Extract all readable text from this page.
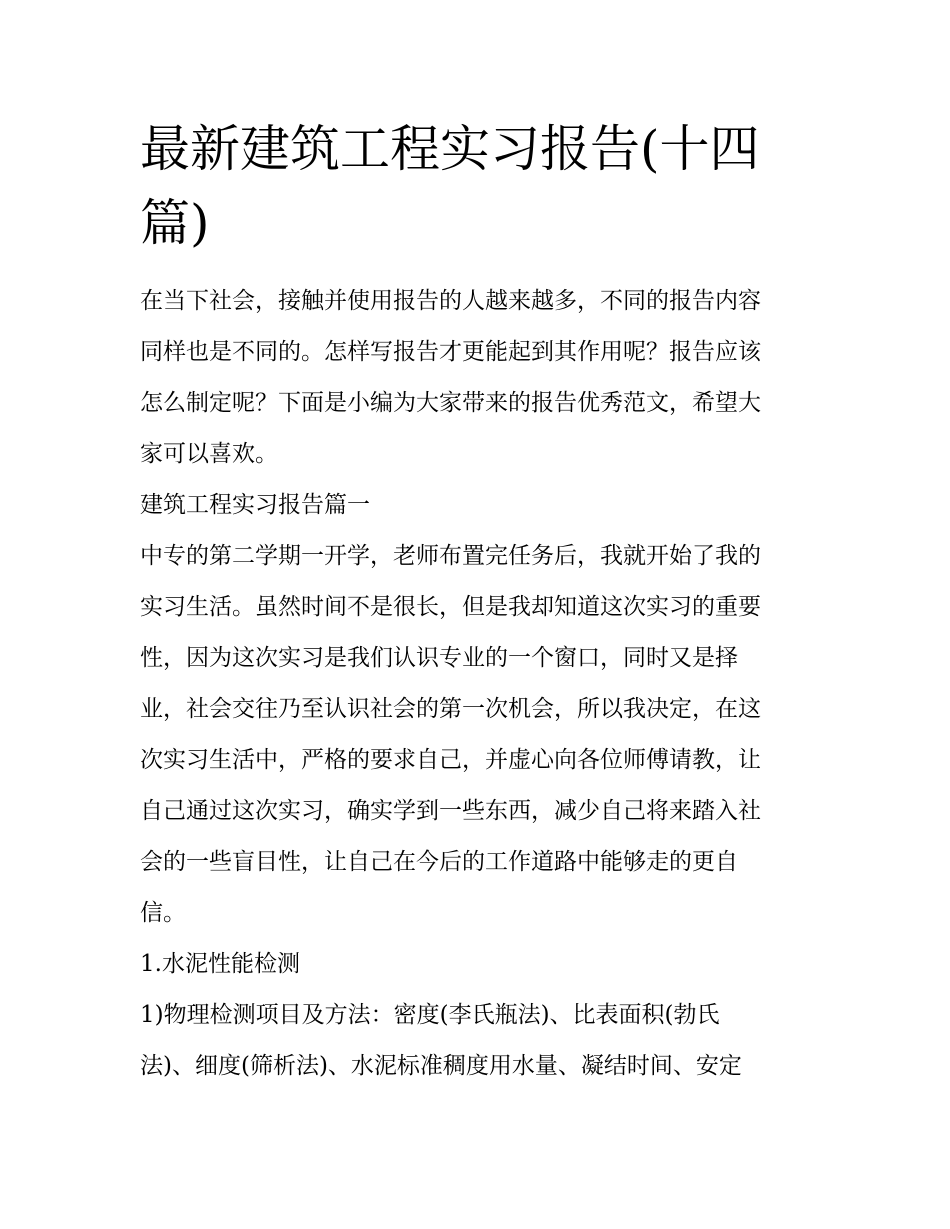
最新建筑工程实习报告(十四
篇)
在当下社会，接触并使用报告的人越来越多，不同的报告内容
同样也是不同的。怎样写报告才更能起到其作用呢？报告应该
怎么制定呢？下面是小编为大家带来的报告优秀范文，希望大
家可以喜欢。
建筑工程实习报告篇一
中专的第二学期一开学，老师布置完任务后，我就开始了我的
实习生活。虽然时间不是很长，但是我却知道这次实习的重要
性，因为这次实习是我们认识专业的一个窗口，同时又是择
业，社会交往乃至认识社会的第一次机会，所以我决定，在这
次实习生活中，严格的要求自己，并虚心向各位师傅请教，让
自己通过这次实习，确实学到一些东西，减少自己将来踏入社
会的一些盲目性，让自己在今后的工作道路中能够走的更自
信。
1.水泥性能检测
1)物理检测项目及方法：密度(李氏瓶法)、比表面积(勃氏
法)、细度(筛析法)、水泥标准稠度用水量、凝结时间、安定
